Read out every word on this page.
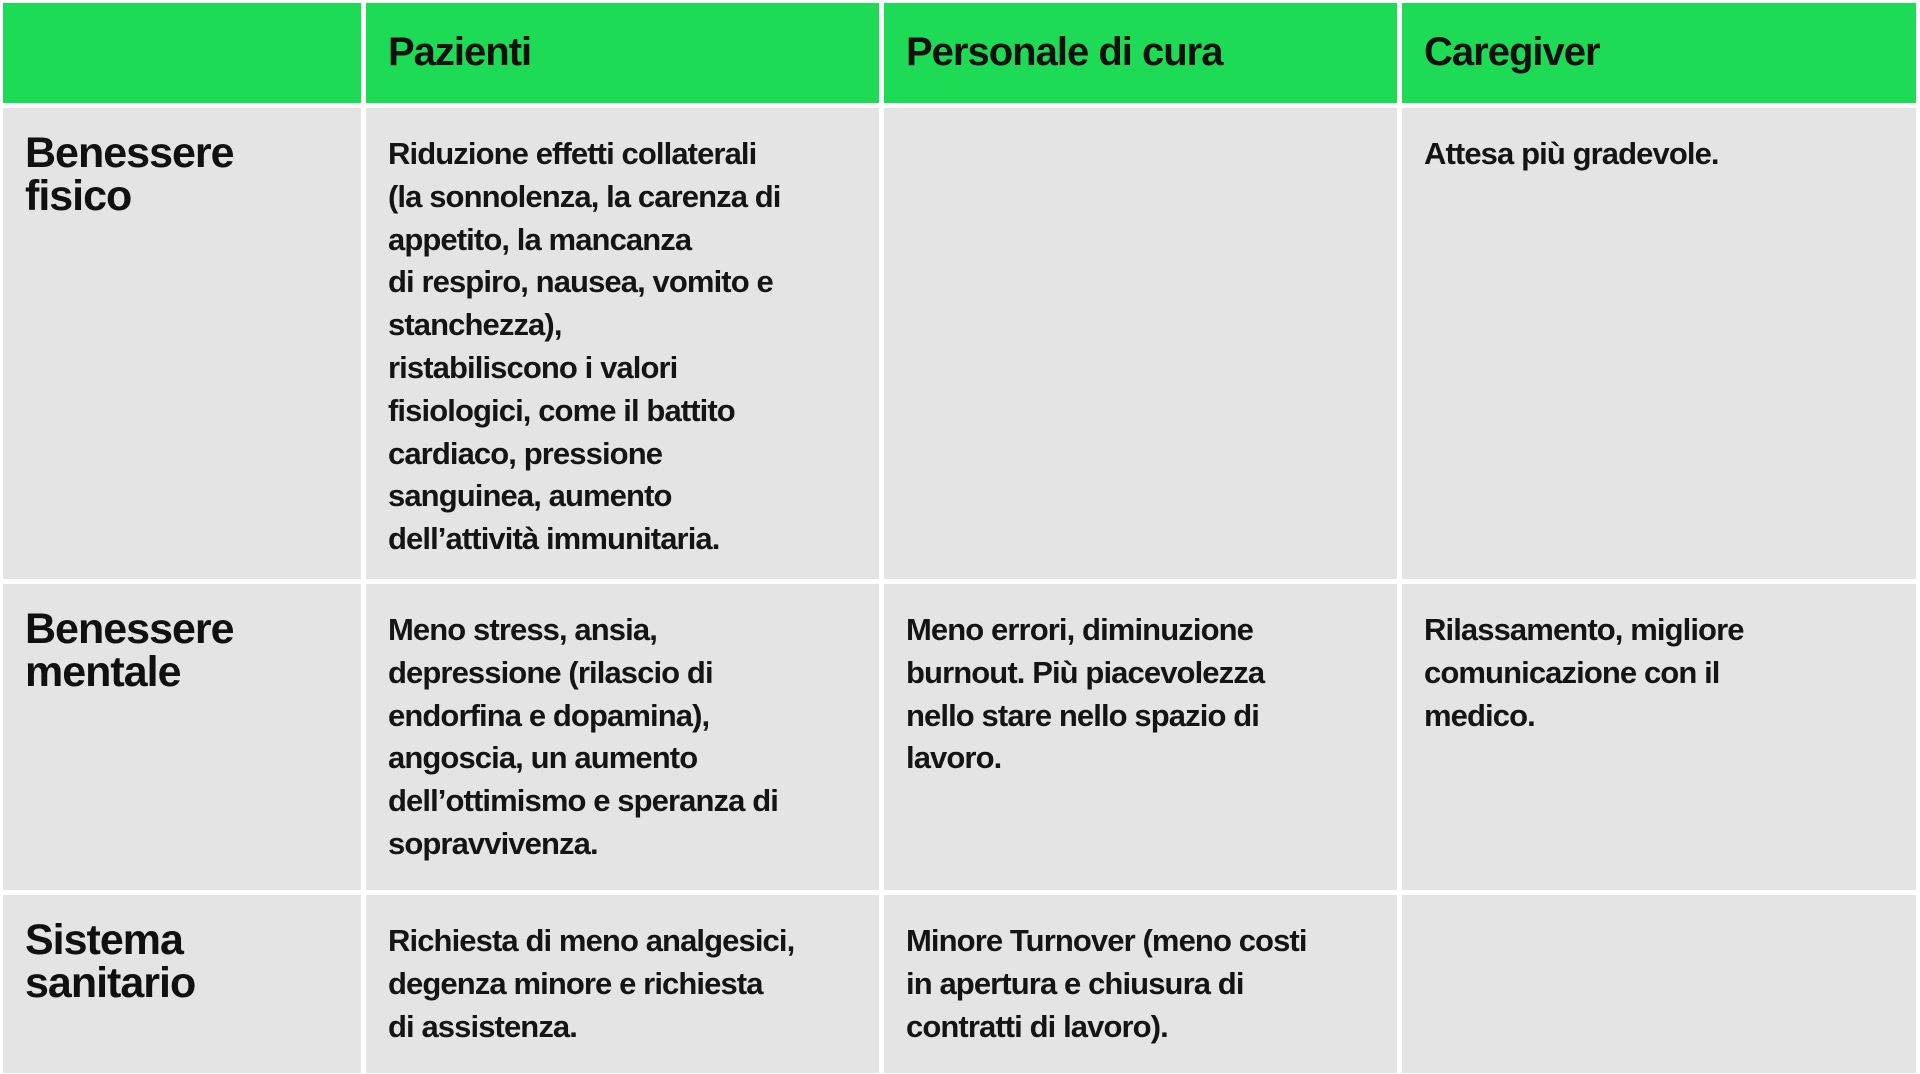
Pazienti	Personale di cura	Caregiver
Benessere
fisico
Riduzione effetti collaterali
(la sonnolenza, la carenza di
appetito, la mancanza
di respiro, nausea, vomito e
stanchezza),
ristabiliscono i valori
fisiologici, come il battito
cardiaco, pressione
sanguinea, aumento
dell’attività immunitaria.
Attesa più gradevole.
Benessere
mentale
Meno stress, ansia,
depressione (rilascio di
endorfina e dopamina),
angoscia, un aumento
dell’ottimismo e speranza di
sopravvivenza.
Meno errori, diminuzione
burnout. Più piacevolezza
nello stare nello spazio di
lavoro.
Rilassamento, migliore
comunicazione con il
medico.
Sistema
sanitario
Richiesta di meno analgesici,
degenza minore e richiesta
di assistenza.
Minore Turnover (meno costi
in apertura e chiusura di
contratti di lavoro).
